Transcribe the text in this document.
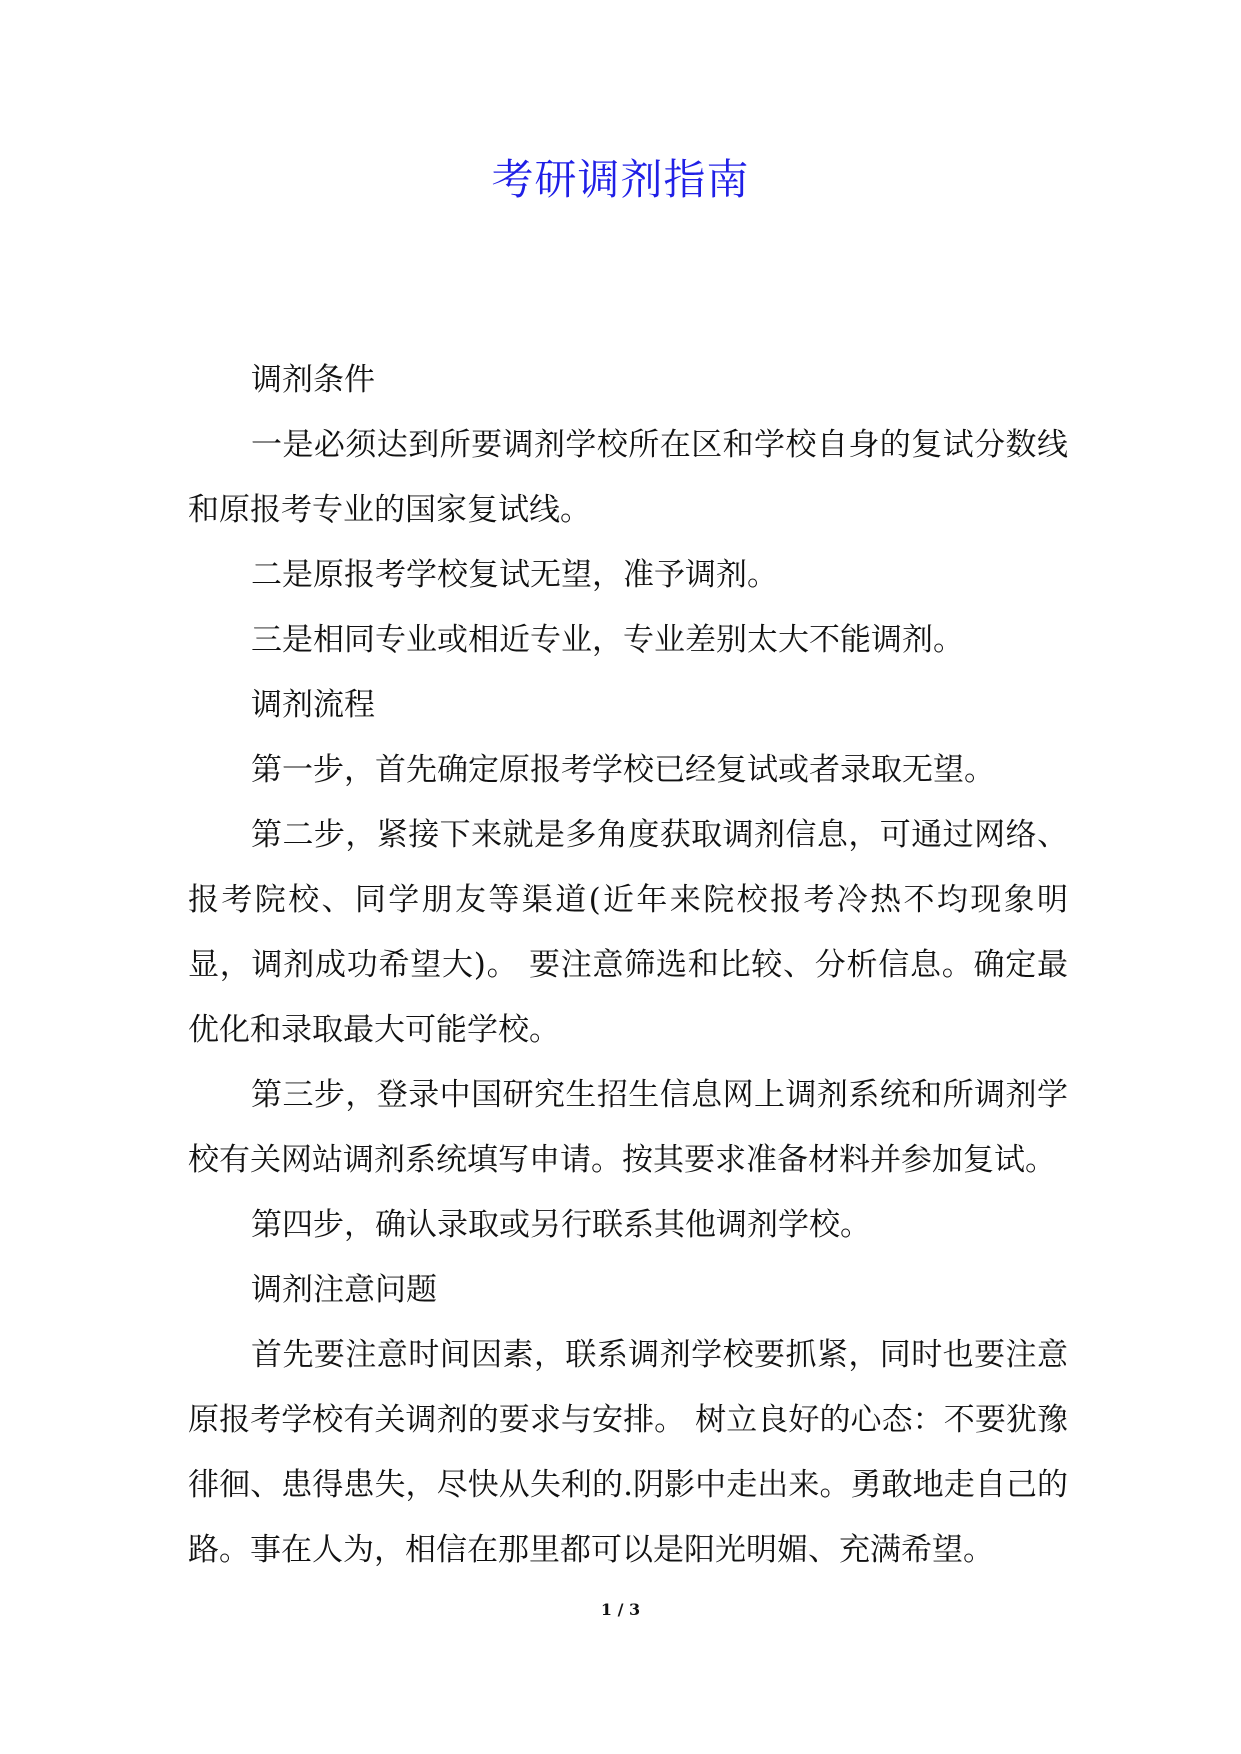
考研调剂指南

调剂条件

一是必须达到所要调剂学校所在区和学校自身的复试分数线和原报考专业的国家复试线。

二是原报考学校复试无望，准予调剂。

三是相同专业或相近专业，专业差别太大不能调剂。

调剂流程

第一步，首先确定原报考学校已经复试或者录取无望。

第二步，紧接下来就是多角度获取调剂信息，可通过网络、报考院校、同学朋友等渠道(近年来院校报考冷热不均现象明显，调剂成功希望大)。 要注意筛选和比较、分析信息。确定最优化和录取最大可能学校。

第三步，登录中国研究生招生信息网上调剂系统和所调剂学校有关网站调剂系统填写申请。按其要求准备材料并参加复试。

第四步，确认录取或另行联系其他调剂学校。

调剂注意问题

首先要注意时间因素，联系调剂学校要抓紧，同时也要注意原报考学校有关调剂的要求与安排。 树立良好的心态：不要犹豫徘徊、患得患失，尽快从失利的.阴影中走出来。勇敢地走自己的路。事在人为，相信在那里都可以是阳光明媚、充满希望。

1 / 3
